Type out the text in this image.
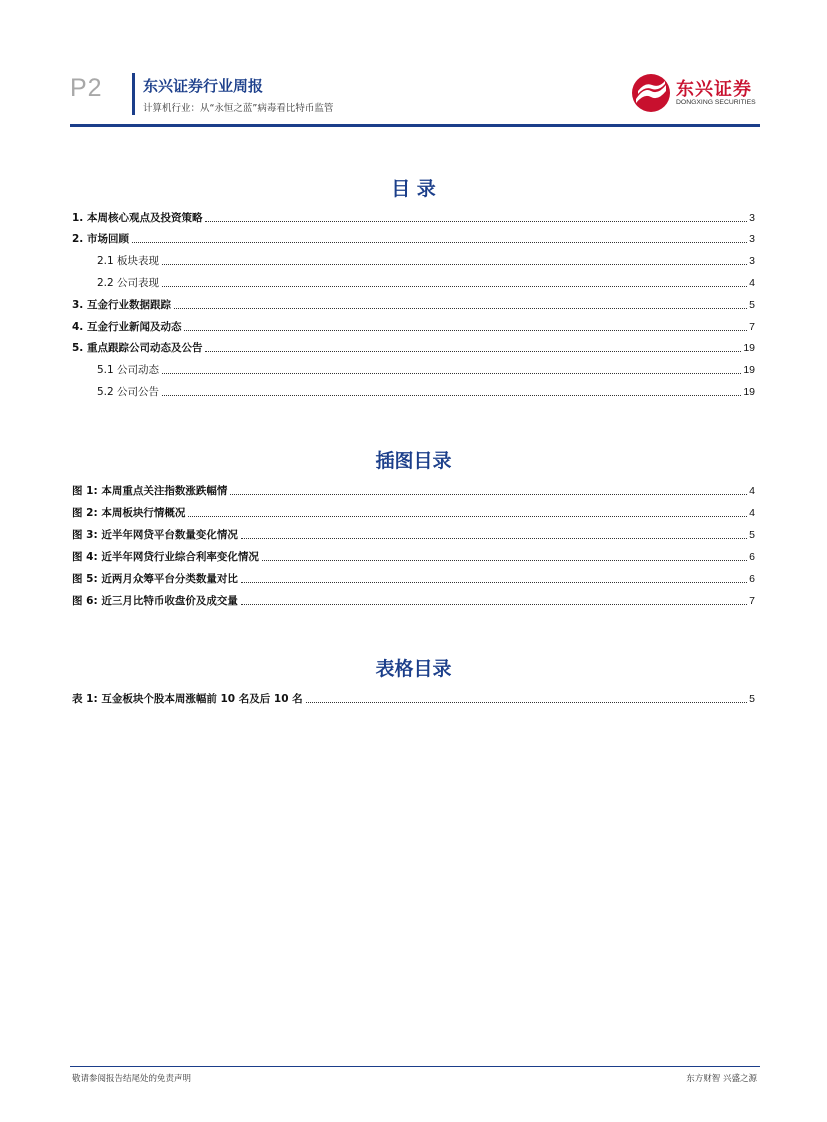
P2	东兴证券行业周报
计算机行业：从“永恒之蓝”病毒看比特币监管
东兴证券
DONGXING SECURITIES
目 录
1. 本周核心观点及投资策略	3
2. 市场回顾	3
2.1 板块表现	3
2.2 公司表现	4
3. 互金行业数据跟踪	5
4. 互金行业新闻及动态	7
5. 重点跟踪公司动态及公告	19
5.1 公司动态	19
5.2 公司公告	19
插图目录
图 1: 本周重点关注指数涨跌幅情	4
图 2: 本周板块行情概况	4
图 3: 近半年网贷平台数量变化情况	5
图 4: 近半年网贷行业综合利率变化情况	6
图 5: 近两月众筹平台分类数量对比	6
图 6: 近三月比特币收盘价及成交量	7
表格目录
表 1: 互金板块个股本周涨幅前 10 名及后 10 名	5
敬请参阅报告结尾处的免责声明	东方财智 兴盛之源
